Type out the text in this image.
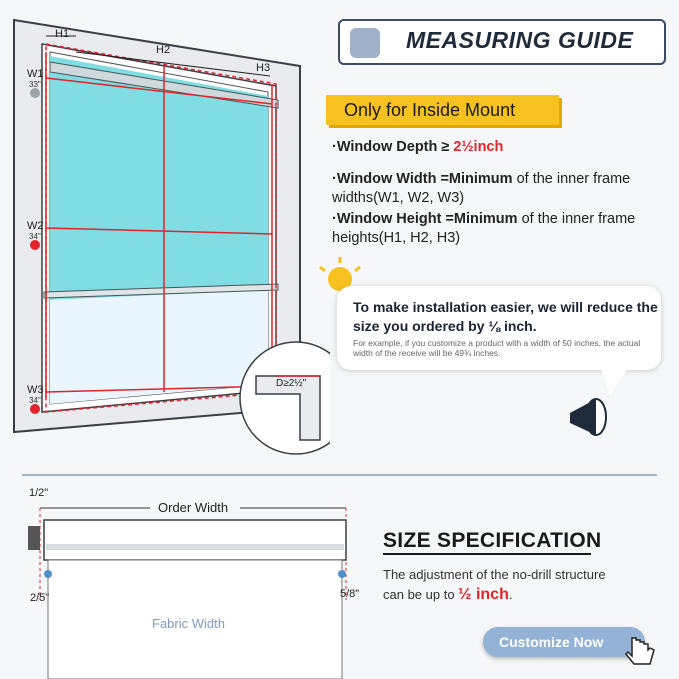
H1
H2
H3
W1
33"
W2
34"
W3
34"
D≥2½"
MEASURING GUIDE
Only for Inside Mount
·Window Depth ≥ 2½inch
·Window Width =Minimum of the inner frame widths(W1, W2, W3)
·Window Height =Minimum of the inner frame heights(H1, H2, H3)
To make installation easier, we will reduce the size you ordered by ⅛ inch.
For example, if you customize a product with a width of 50 inches, the actual width of the receive will be 49¾ inches.
1/2"
Order Width
2/5"	5/8"
Fabric Width
SIZE SPECIFICATION
The adjustment of the no-drill structure
can be up to ½ inch.
Customize Now
